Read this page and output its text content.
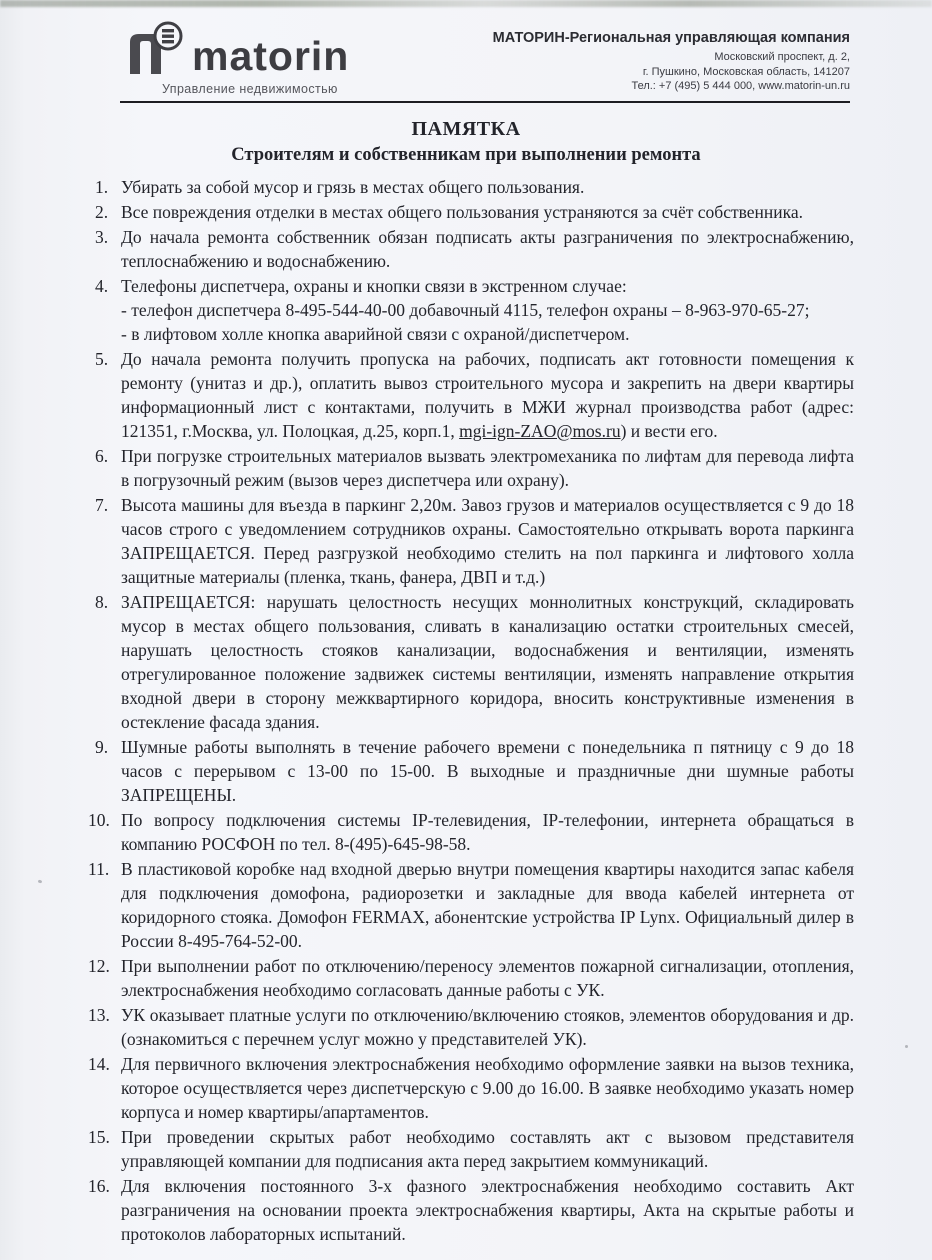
matorin
Управление недвижимостью
МАТОРИН-Региональная управляющая компания
Московский проспект, д. 2,
г. Пушкино, Московская область, 141207
Тел.: +7 (495) 5 444 000, www.matorin-un.ru
ПАМЯТКА
Строителям и собственникам при выполнении ремонта
1. Убирать за собой мусор и грязь в местах общего пользования.
2. Все повреждения отделки в местах общего пользования устраняются за счёт собственника.
3. До начала ремонта собственник обязан подписать акты разграничения по электроснабжению, теплоснабжению и водоснабжению.
4. Телефоны диспетчера, охраны и кнопки связи в экстренном случае:
- телефон диспетчера 8-495-544-40-00 добавочный 4115, телефон охраны – 8-963-970-65-27;
- в лифтовом холле кнопка аварийной связи с охраной/диспетчером.
5. До начала ремонта получить пропуска на рабочих, подписать акт готовности помещения к ремонту (унитаз и др.), оплатить вывоз строительного мусора и закрепить на двери квартиры информационный лист с контактами, получить в МЖИ журнал производства работ (адрес: 121351, г.Москва, ул. Полоцкая, д.25, корп.1, mgi-ign-ZAO@mos.ru) и вести его.
6. При погрузке строительных материалов вызвать электромеханика по лифтам для перевода лифта в погрузочный режим (вызов через диспетчера или охрану).
7. Высота машины для въезда в паркинг 2,20м. Завоз грузов и материалов осуществляется с 9 до 18 часов строго с уведомлением сотрудников охраны. Самостоятельно открывать ворота паркинга ЗАПРЕЩАЕТСЯ. Перед разгрузкой необходимо стелить на пол паркинга и лифтового холла защитные материалы (пленка, ткань, фанера, ДВП и т.д.)
8. ЗАПРЕЩАЕТСЯ: нарушать целостность несущих моннолитных конструкций, складировать мусор в местах общего пользования, сливать в канализацию остатки строительных смесей, нарушать целостность стояков канализации, водоснабжения и вентиляции, изменять отрегулированное положение задвижек системы вентиляции, изменять направление открытия входной двери в сторону межквартирного коридора, вносить конструктивные изменения в остекление фасада здания.
9. Шумные работы выполнять в течение рабочего времени с понедельника п пятницу с 9 до 18 часов с перерывом с 13-00 по 15-00. В выходные и праздничные дни шумные работы ЗАПРЕЩЕНЫ.
10. По вопросу подключения системы IP-телевидения, IP-телефонии, интернета обращаться в компанию РОСФОН по тел. 8-(495)-645-98-58.
11. В пластиковой коробке над входной дверью внутри помещения квартиры находится запас кабеля для подключения домофона, радиорозетки и закладные для ввода кабелей интернета от коридорного стояка. Домофон FERMAX, абонентские устройства IP Lynx. Официальный дилер в России 8-495-764-52-00.
12. При выполнении работ по отключению/переносу элементов пожарной сигнализации, отопления, электроснабжения необходимо согласовать данные работы с УК.
13. УК оказывает платные услуги по отключению/включению стояков, элементов оборудования и др. (ознакомиться с перечнем услуг можно у представителей УК).
14. Для первичного включения электроснабжения необходимо оформление заявки на вызов техника, которое осуществляется через диспетчерскую с 9.00 до 16.00. В заявке необходимо указать номер корпуса и номер квартиры/апартаментов.
15. При проведении скрытых работ необходимо составлять акт с вызовом представителя управляющей компании для подписания акта перед закрытием коммуникаций.
16. Для включения постоянного 3-х фазного электроснабжения необходимо составить Акт разграничения на основании проекта электроснабжения квартиры, Акта на скрытые работы и протоколов лабораторных испытаний.
